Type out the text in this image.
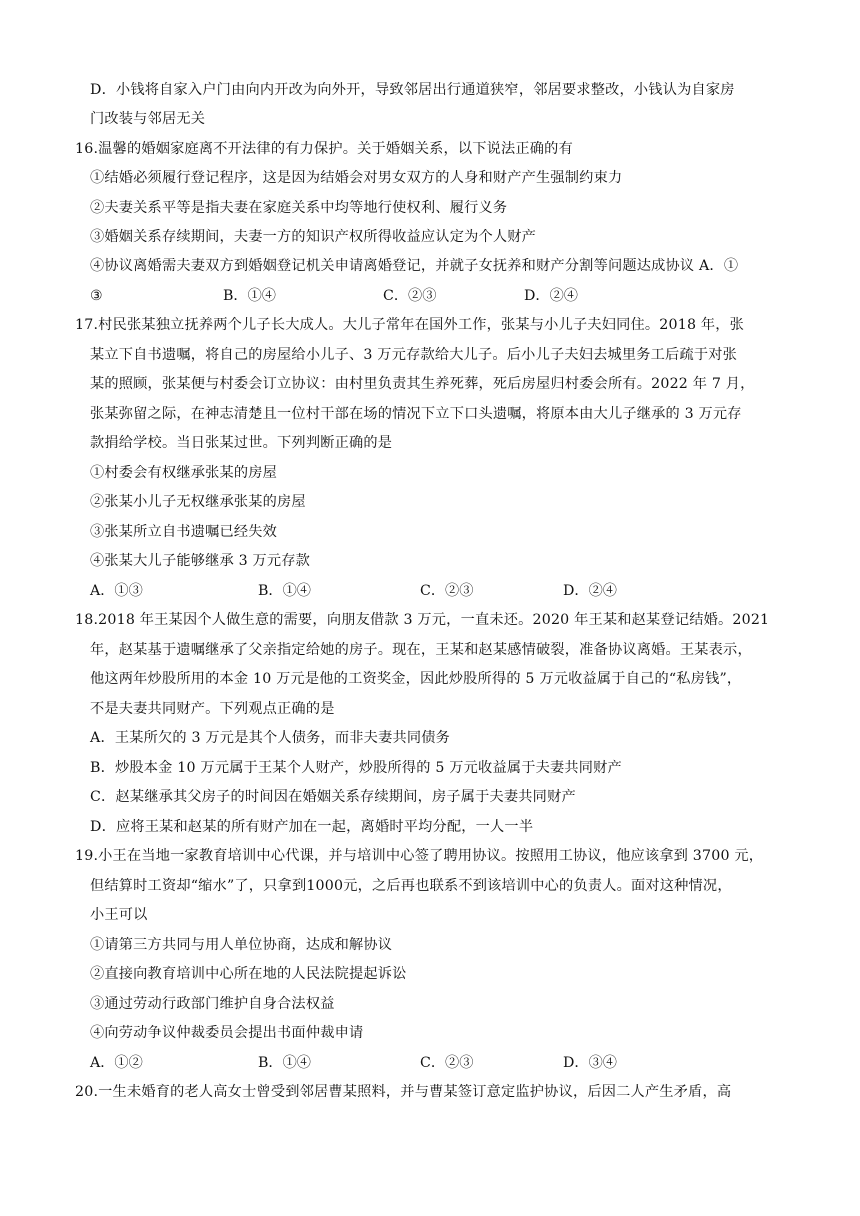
D．小钱将自家入户门由向内开改为向外开，导致邻居出行通道狭窄，邻居要求整改，小钱认为自家房
门改装与邻居无关
16.温馨的婚姻家庭离不开法律的有力保护。关于婚姻关系，以下说法正确的有
①结婚必须履行登记程序，这是因为结婚会对男女双方的人身和财产产生强制约束力
②夫妻关系平等是指夫妻在家庭关系中均等地行使权利、履行义务
③婚姻关系存续期间，夫妻一方的知识产权所得收益应认定为个人财产
④协议离婚需夫妻双方到婚姻登记机关申请离婚登记，并就子女抚养和财产分割等问题达成协议 A．①
③	B．①④	C．②③	D．②④
17.村民张某独立抚养两个儿子长大成人。大儿子常年在国外工作，张某与小儿子夫妇同住。2018 年，张
某立下自书遗嘱，将自己的房屋给小儿子、3 万元存款给大儿子。后小儿子夫妇去城里务工后疏于对张
某的照顾，张某便与村委会订立协议：由村里负责其生养死葬，死后房屋归村委会所有。2022 年 7 月，
张某弥留之际，在神志清楚且一位村干部在场的情况下立下口头遗嘱，将原本由大儿子继承的 3 万元存
款捐给学校。当日张某过世。下列判断正确的是
①村委会有权继承张某的房屋
②张某小儿子无权继承张某的房屋
③张某所立自书遗嘱已经失效
④张某大儿子能够继承 3 万元存款
A．①③	B．①④	C．②③	D．②④
18.2018 年王某因个人做生意的需要，向朋友借款 3 万元，一直未还。2020 年王某和赵某登记结婚。2021
年，赵某基于遗嘱继承了父亲指定给她的房子。现在，王某和赵某感情破裂，准备协议离婚。王某表示，
他这两年炒股所用的本金 10 万元是他的工资奖金，因此炒股所得的 5 万元收益属于自己的“私房钱”，
不是夫妻共同财产。下列观点正确的是
A．王某所欠的 3 万元是其个人债务，而非夫妻共同债务
B．炒股本金 10 万元属于王某个人财产，炒股所得的 5 万元收益属于夫妻共同财产
C．赵某继承其父房子的时间因在婚姻关系存续期间，房子属于夫妻共同财产
D．应将王某和赵某的所有财产加在一起，离婚时平均分配，一人一半
19.小王在当地一家教育培训中心代课，并与培训中心签了聘用协议。按照用工协议，他应该拿到 3700 元，
但结算时工资却“缩水”了，只拿到1000元，之后再也联系不到该培训中心的负责人。面对这种情况，
小王可以
①请第三方共同与用人单位协商，达成和解协议
②直接向教育培训中心所在地的人民法院提起诉讼
③通过劳动行政部门维护自身合法权益
④向劳动争议仲裁委员会提出书面仲裁申请
A．①②	B．①④	C．②③	D．③④
20.一生未婚育的老人高女士曾受到邻居曹某照料，并与曹某签订意定监护协议，后因二人产生矛盾，高
